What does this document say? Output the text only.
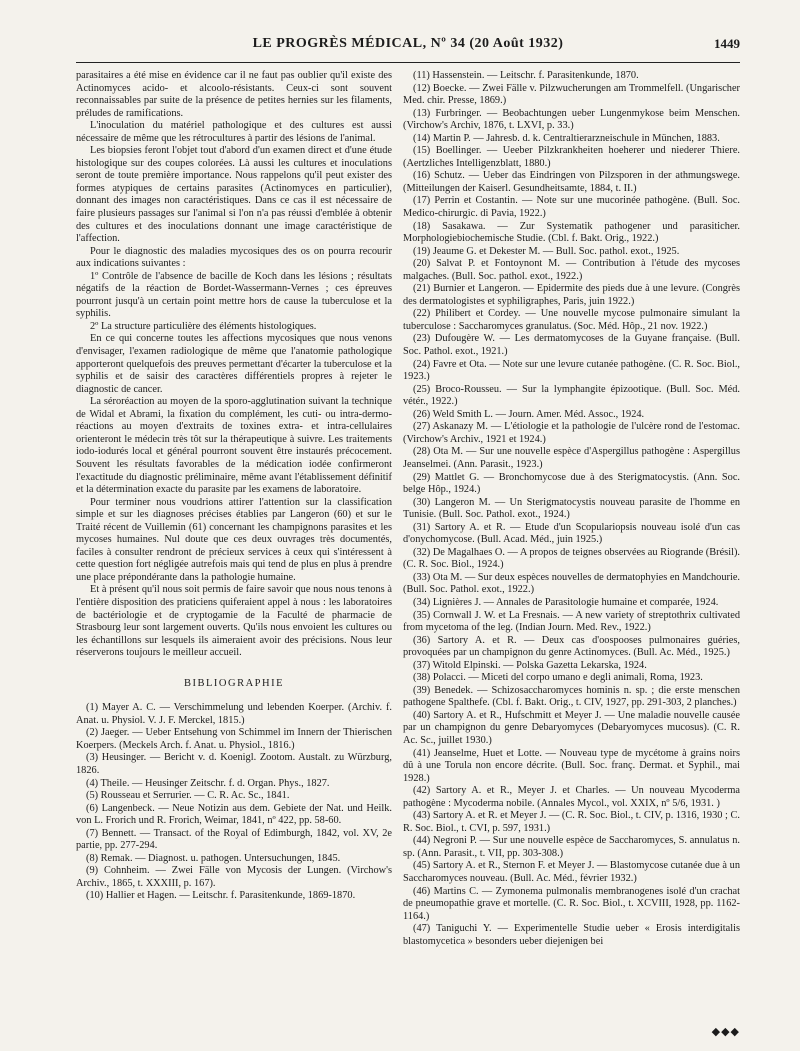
LE PROGRÈS MÉDICAL, Nº 34 (20 Août 1932)	1449

parasitaires a été mise en évidence car il ne faut pas oublier qu'il existe des Actinomyces acido- et alcoolo-résistants. Ceux-ci sont souvent reconnaissables par suite de la présence de petites hernies sur les filaments, préludes de ramifications.

L'inoculation du matériel pathologique et des cultures est aussi nécessaire de même que les rétrocultures à partir des lésions de l'animal.

Les biopsies feront l'objet tout d'abord d'un examen direct et d'une étude histologique sur des coupes colorées. Là aussi les cultures et inoculations seront de toute première importance. Nous rappelons qu'il peut exister des formes atypiques de certains parasites (Actinomyces en particulier), donnant des images non caractéristiques. Dans ce cas il est nécessaire de faire plusieurs passages sur l'animal si l'on n'a pas réussi d'emblée à obtenir des cultures et des inoculations donnant une image caractéristique de l'affection.

Pour le diagnostic des maladies mycosiques des os on pourra recourir aux indications suivantes :

1º Contrôle de l'absence de bacille de Koch dans les lésions ; résultats négatifs de la réaction de Bordet-Wassermann-Vernes ; ces épreuves pourront jusqu'à un certain point mettre hors de cause la tuberculose et la syphilis.

2º La structure particulière des éléments histologiques.

En ce qui concerne toutes les affections mycosiques que nous venons d'envisager, l'examen radiologique de même que l'anatomie pathologique apporteront quelquefois des preuves permettant d'écarter la tuberculose et la syphilis et de saisir des caractères différentiels propres à rejeter le diagnostic de cancer.

La séroréaction au moyen de la sporo-agglutination suivant la technique de Widal et Abrami, la fixation du complément, les cuti- ou intra-dermo-réactions au moyen d'extraits de toxines extra- et intra-cellulaires orienteront le médecin très tôt sur la thérapeutique à suivre. Les traitements iodo-iodurés local et général pourront souvent être instaurés précocement. Souvent les résultats favorables de la médication iodée confirmeront l'exactitude du diagnostic préliminaire, même avant l'établissement définitif et la détermination exacte du parasite par les examens de laboratoire.

Pour terminer nous voudrions attirer l'attention sur la classification simple et sur les diagnoses précises établies par Langeron (60) et sur le Traité récent de Vuillemin (61) concernant les champignons parasites et les mycoses humaines. Nul doute que ces deux ouvrages très documentés, faciles à consulter rendront de précieux services à ceux qui s'intéressent à cette question fort négligée autrefois mais qui tend de plus en plus à prendre une place prépondérante dans la pathologie humaine.

Et à présent qu'il nous soit permis de faire savoir que nous nous tenons à l'entière disposition des praticiens quiferaient appel à nous : les laboratoires de bactériologie et de cryptogamie de la Faculté de pharmacie de Strasbourg leur sont largement ouverts. Qu'ils nous envoient les cultures ou les échantillons sur lesquels ils aimeraient avoir des précisions. Nous leur réserverons toujours le meilleur accueil.

BIBLIOGRAPHIE

(1) Mayer A. C. — Verschimmelung und lebenden Koerper. (Archiv. f. Anat. u. Physiol. V. J. F. Merckel, 1815.)

(2) Jaeger. — Ueber Entsehung von Schimmel im Innern der Thierischen Koerpers. (Meckels Arch. f. Anat. u. Physiol., 1816.)

(3) Heusinger. — Bericht v. d. Koenigl. Zootom. Austalt. zu Würzburg, 1826.

(4) Theile. — Heusinger Zeitschr. f. d. Organ. Phys., 1827.

(5) Rousseau et Serrurier. — C. R. Ac. Sc., 1841.

(6) Langenbeck. — Neue Notizin aus dem. Gebiete der Nat. und Heilk. von L. Frorich und R. Frorich, Weimar, 1841, nº 422, pp. 58-60.

(7) Bennett. — Transact. of the Royal of Edimburgh, 1842, vol. XV, 2e partie, pp. 277-294.

(8) Remak. — Diagnost. u. pathogen. Untersuchungen, 1845.

(9) Cohnheim. — Zwei Fälle von Mycosis der Lungen. (Virchow's Archiv., 1865, t. XXXIII, p. 167).

(10) Hallier et Hagen. — Leitschr. f. Parasitenkunde, 1869-1870.

(11) Hassenstein. — Leitschr. f. Parasitenkunde, 1870.

(12) Boecke. — Zwei Fälle v. Pilzwucherungen am Trommelfell. (Ungarischer Med. chir. Presse, 1869.)

(13) Furbringer. — Beobachtungen ueber Lungenmykose beim Menschen. (Virchow's Archiv, 1876, t. LXVI, p. 33.)

(14) Martin P. — Jahresb. d. k. Centraltierarzneischule in München, 1883.

(15) Boellinger. — Ueeber Pilzkrankheiten hoeherer und niederer Thiere. (Aertzliches Intelligenzblatt, 1880.)

(16) Schutz. — Ueber das Eindringen von Pilzsporen in der athmungswege. (Mitteilungen der Kaiserl. Gesundheitsamte, 1884, t. II.)

(17) Perrin et Costantin. — Note sur une mucorinée pathogène. (Bull. Soc. Medico-chirurgic. di Pavia, 1922.)

(18) Sasakawa. — Zur Systematik pathogener und parasiticher. Morphologiebiochemische Studie. (Cbl. f. Bakt. Orig., 1922.)

(19) Jeaume G. et Dekester M. — Bull. Soc. pathol. exot., 1925.

(20) Salvat P. et Fontoynont M. — Contribution à l'étude des mycoses malgaches. (Bull. Soc. pathol. exot., 1922.)

(21) Burnier et Langeron. — Epidermite des pieds due à une levure. (Congrès des dermatologistes et syphiligraphes, Paris, juin 1922.)

(22) Philibert et Cordey. — Une nouvelle mycose pulmonaire simulant la tuberculose : Saccharomyces granulatus. (Soc. Méd. Hôp., 21 nov. 1922.)

(23) Dufougère W. — Les dermatomycoses de la Guyane française. (Bull. Soc. Pathol. exot., 1921.)

(24) Favre et Ota. — Note sur une levure cutanée pathogène. (C. R. Soc. Biol., 1923.)

(25) Broco-Rousseu. — Sur la lymphangite épizootique. (Bull. Soc. Méd. vétér., 1922.)

(26) Weld Smith L. — Journ. Amer. Méd. Assoc., 1924.

(27) Askanazy M. — L'étiologie et la pathologie de l'ulcère rond de l'estomac. (Virchow's Archiv., 1921 et 1924.)

(28) Ota M. — Sur une nouvelle espèce d'Aspergillus pathogène : Aspergillus Jeanselmei. (Ann. Parasit., 1923.)

(29) Mattlet G. — Bronchomycose due à des Sterigmatocystis. (Ann. Soc. belge Hôp., 1924.)

(30) Langeron M. — Un Sterigmatocystis nouveau parasite de l'homme en Tunisie. (Bull. Soc. Pathol. exot., 1924.)

(31) Sartory A. et R. — Etude d'un Scopulariopsis nouveau isolé d'un cas d'onychomycose. (Bull. Acad. Méd., juin 1925.)

(32) De Magalhaes O. — A propos de teignes observées au Riogrande (Brésil). (C. R. Soc. Biol., 1924.)

(33) Ota M. — Sur deux espèces nouvelles de dermatophyies en Mandchourie. (Bull. Soc. Pathol. exot., 1922.)

(34) Lignières J. — Annales de Parasitologie humaine et comparée, 1924.

(35) Cornwall J. W. et La Fresnais. — A new variety of streptothrix cultivated from mycetoma of the leg. (Indian Journ. Med. Rev., 1922.)

(36) Sartory A. et R. — Deux cas d'oospooses pulmonaires guéries, provoquées par un champignon du genre Actinomyces. (Bull. Ac. Méd., 1925.)

(37) Witold Elpinski. — Polska Gazetta Lekarska, 1924.

(38) Polacci. — Miceti del corpo umano e degli animali, Roma, 1923.

(39) Benedek. — Schizosaccharomyces hominis n. sp. ; die erste menschen pathogene Spalthefe. (Cbl. f. Bakt. Orig., t. CIV, 1927, pp. 291-303, 2 planches.)

(40) Sartory A. et R., Hufschmitt et Meyer J. — Une maladie nouvelle causée par un champignon du genre Debaryomyces (Debaryomyces mucosus). (C. R. Ac. Sc., juillet 1930.)

(41) Jeanselme, Huet et Lotte. — Nouveau type de mycétome à grains noirs dû à une Torula non encore décrite. (Bull. Soc. franç. Dermat. et Syphil., mai 1928.)

(42) Sartory A. et R., Meyer J. et Charles. — Un nouveau Mycoderma pathogène : Mycoderma nobile. (Annales Mycol., vol. XXIX, nº 5/6, 1931. )

(43) Sartory A. et R. et Meyer J. — (C. R. Soc. Biol., t. CIV, p. 1316, 1930 ; C. R. Soc. Biol., t. CVI, p. 597, 1931.)

(44) Negroni P. — Sur une nouvelle espèce de Saccharomyces, S. annulatus n. sp. (Ann. Parasit., t. VII, pp. 303-308.)

(45) Sartory A. et R., Sternon F. et Meyer J. — Blastomycose cutanée due à un Saccharomyces nouveau. (Bull. Ac. Méd., février 1932.)

(46) Martins C. — Zymonema pulmonalis membranogenes isolé d'un crachat de pneumopathie grave et mortelle. (C. R. Soc. Biol., t. XCVIII, 1928, pp. 1162-1164.)

(47) Taniguchi Y. — Experimentelle Studie ueber « Erosis interdigitalis blastomycetica » besonders ueber diejenigen bei

◆◆◆
